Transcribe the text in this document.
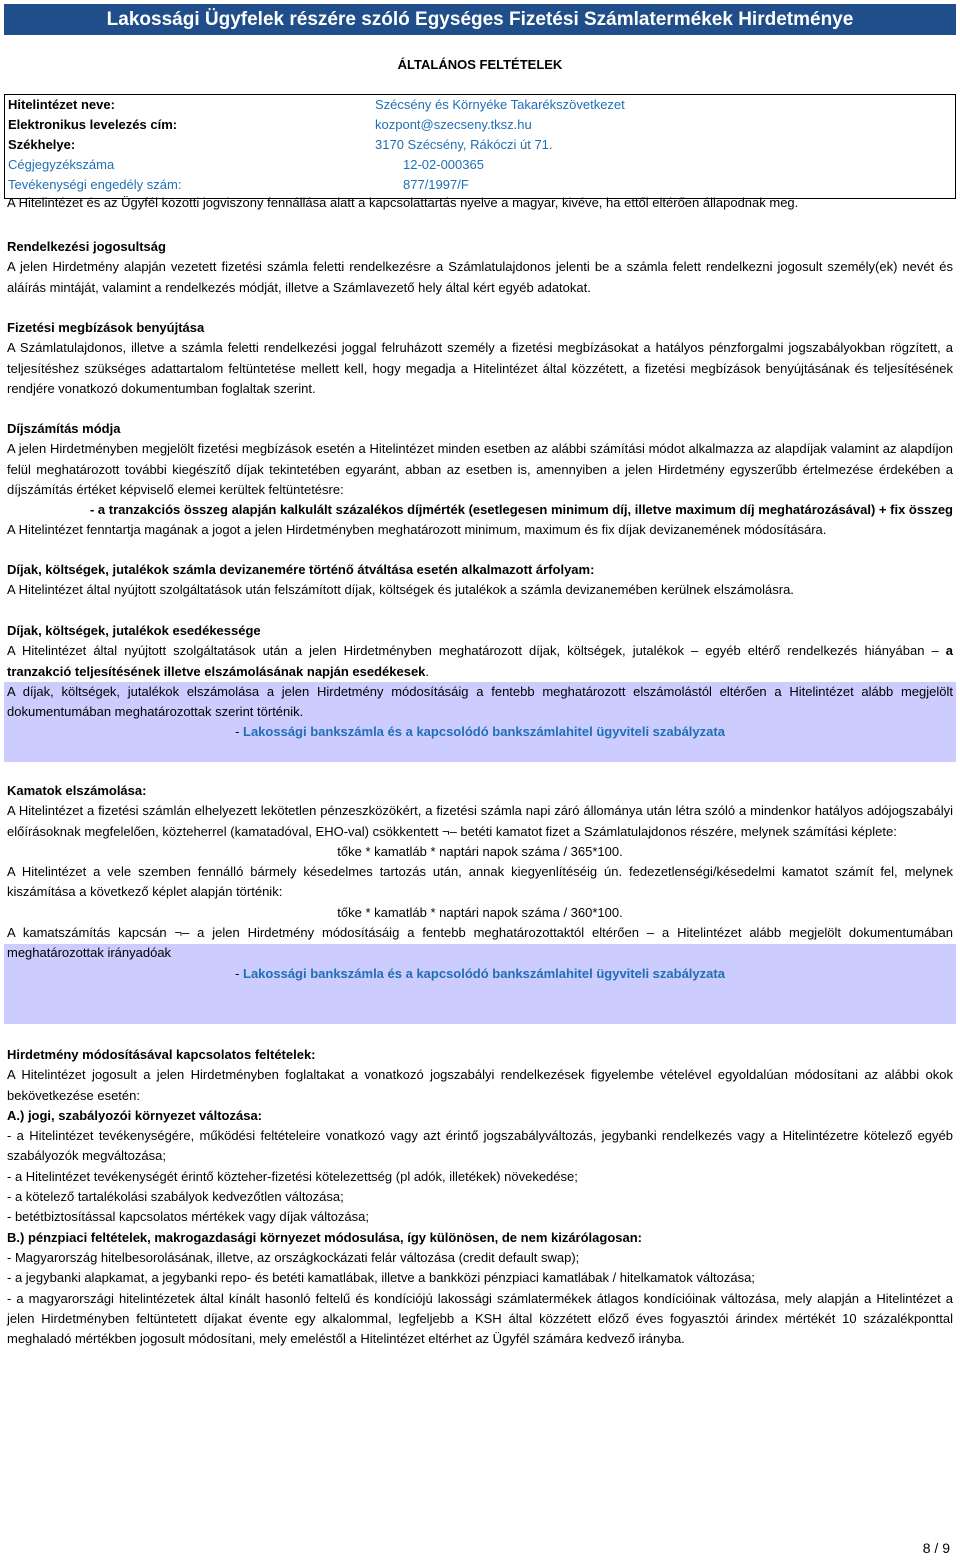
Lakossági Ügyfelek részére szóló Egységes Fizetési Számlatermékek Hirdetménye
ÁLTALÁNOS FELTÉTELEK
Hitelintézet neve:	Szécsény és Környéke Takarékszövetkezet
Elektronikus levelezés cím:	kozpont@szecseny.tksz.hu
Székhelye:	3170 Szécsény, Rákóczi út 71.
Cégjegyzékszáma	12-02-000365
Tevékenységi engedély szám:	877/1997/F
A Hitelintézet és az Ügyfél közötti jogviszony fennállása alatt a kapcsolattartás nyelve a magyar, kivéve, ha ettől eltérően állapodnak meg.

Rendelkezési jogosultság

A jelen Hirdetmény alapján vezetett fizetési számla feletti rendelkezésre a Számlatulajdonos jelenti be a számla felett rendelkezni jogosult személy(ek) nevét és aláírás mintáját, valamint a rendelkezés módját, illetve a Számlavezető hely által kért egyéb adatokat.

Fizetési megbízások benyújtása

A Számlatulajdonos, illetve a számla feletti rendelkezési joggal felruházott személy a fizetési megbízásokat a hatályos pénzforgalmi jogszabályokban rögzített, a teljesítéshez szükséges adattartalom feltüntetése mellett kell, hogy megadja a Hitelintézet által közzétett, a fizetési megbízások benyújtásának és teljesítésének rendjére vonatkozó dokumentumban foglaltak szerint.

Díjszámítás módja

A jelen Hirdetményben megjelölt fizetési megbízások esetén a Hitelintézet minden esetben az alábbi számítási módot alkalmazza az alapdíjak valamint az alapdíjon felül meghatározott további kiegészítő díjak tekintetében egyaránt, abban az esetben is, amennyiben a jelen Hirdetmény egyszerűbb értelmezése érdekében a díjszámítás értéket képviselő elemei kerültek feltüntetésre:

- a tranzakciós összeg alapján kalkulált százalékos díjmérték (esetlegesen minimum díj, illetve maximum díj meghatározásával) + fix összeg

A Hitelintézet fenntartja magának a jogot a jelen Hirdetményben meghatározott minimum, maximum és fix díjak devizanemének módosítására.

Díjak, költségek, jutalékok számla devizanemére történő átváltása esetén alkalmazott árfolyam:

A Hitelintézet által nyújtott szolgáltatások után felszámított díjak, költségek és jutalékok a számla devizanemében kerülnek elszámolásra.

Díjak, költségek, jutalékok esedékessége

A Hitelintézet által nyújtott szolgáltatások után a jelen Hirdetményben meghatározott díjak, költségek, jutalékok – egyéb eltérő rendelkezés hiányában – a tranzakció teljesítésének illetve elszámolásának napján esedékesek.

A díjak, költségek, jutalékok elszámolása a jelen Hirdetmény módosításáig a fentebb meghatározott elszámolástól eltérően a Hitelintézet alább megjelölt dokumentumában meghatározottak szerint történik.

- Lakossági bankszámla és a kapcsolódó bankszámlahitel ügyviteli szabályzata

Kamatok elszámolása:

A Hitelintézet a fizetési számlán elhelyezett lekötetlen pénzeszközökért, a fizetési számla napi záró állománya után létra szóló a mindenkor hatályos adójogszabályi előírásoknak megfelelően, közteherrel (kamatadóval, EHO-val) csökkentett ¬– betéti kamatot fizet a Számlatulajdonos részére, melynek számítási képlete:

tőke * kamatláb * naptári napok száma / 365*100.

A Hitelintézet a vele szemben fennálló bármely késedelmes tartozás után, annak kiegyenlítéséig ún. fedezetlenségi/késedelmi kamatot számít fel, melynek kiszámítása a következő képlet alapján történik:

tőke * kamatláb * naptári napok száma / 360*100.

A kamatszámítás kapcsán ¬– a jelen Hirdetmény módosításáig a fentebb meghatározottaktól eltérően – a Hitelintézet alább megjelölt dokumentumában meghatározottak irányadóak

- Lakossági bankszámla és a kapcsolódó bankszámlahitel ügyviteli szabályzata

Hirdetmény módosításával kapcsolatos feltételek:

A Hitelintézet jogosult a jelen Hirdetményben foglaltakat a vonatkozó jogszabályi rendelkezések figyelembe vételével egyoldalúan módosítani az alábbi okok bekövetkezése esetén:

A.) jogi, szabályozói környezet változása:

- a Hitelintézet tevékenységére, működési feltételeire vonatkozó vagy azt érintő jogszabályváltozás, jegybanki rendelkezés vagy a Hitelintézetre kötelező egyéb szabályozók megváltozása;

- a Hitelintézet tevékenységét érintő közteher-fizetési kötelezettség (pl adók, illetékek) növekedése;

- a kötelező tartalékolási szabályok kedvezőtlen változása;

- betétbiztosítással kapcsolatos mértékek vagy díjak változása;

B.) pénzpiaci feltételek, makrogazdasági környezet módosulása, így különösen, de nem kizárólagosan:

- Magyarország hitelbesorolásának, illetve, az országkockázati felár változása (credit default swap);

- a jegybanki alapkamat, a jegybanki repo- és betéti kamatlábak, illetve a bankközi pénzpiaci kamatlábak / hitelkamatok változása;

- a magyarországi hitelintézetek által kínált hasonló feltelű és kondíciójú lakossági számlatermékek átlagos kondícióinak változása, mely alapján a Hitelintézet a jelen Hirdetményben feltüntetett díjakat évente egy alkalommal, legfeljebb a KSH által közzétett előző éves fogyasztói árindex mértékét 10 százalékponttal meghaladó mértékben jogosult módosítani, mely emeléstől a Hitelintézet eltérhet az Ügyfél számára kedvező irányba.

8 / 9
